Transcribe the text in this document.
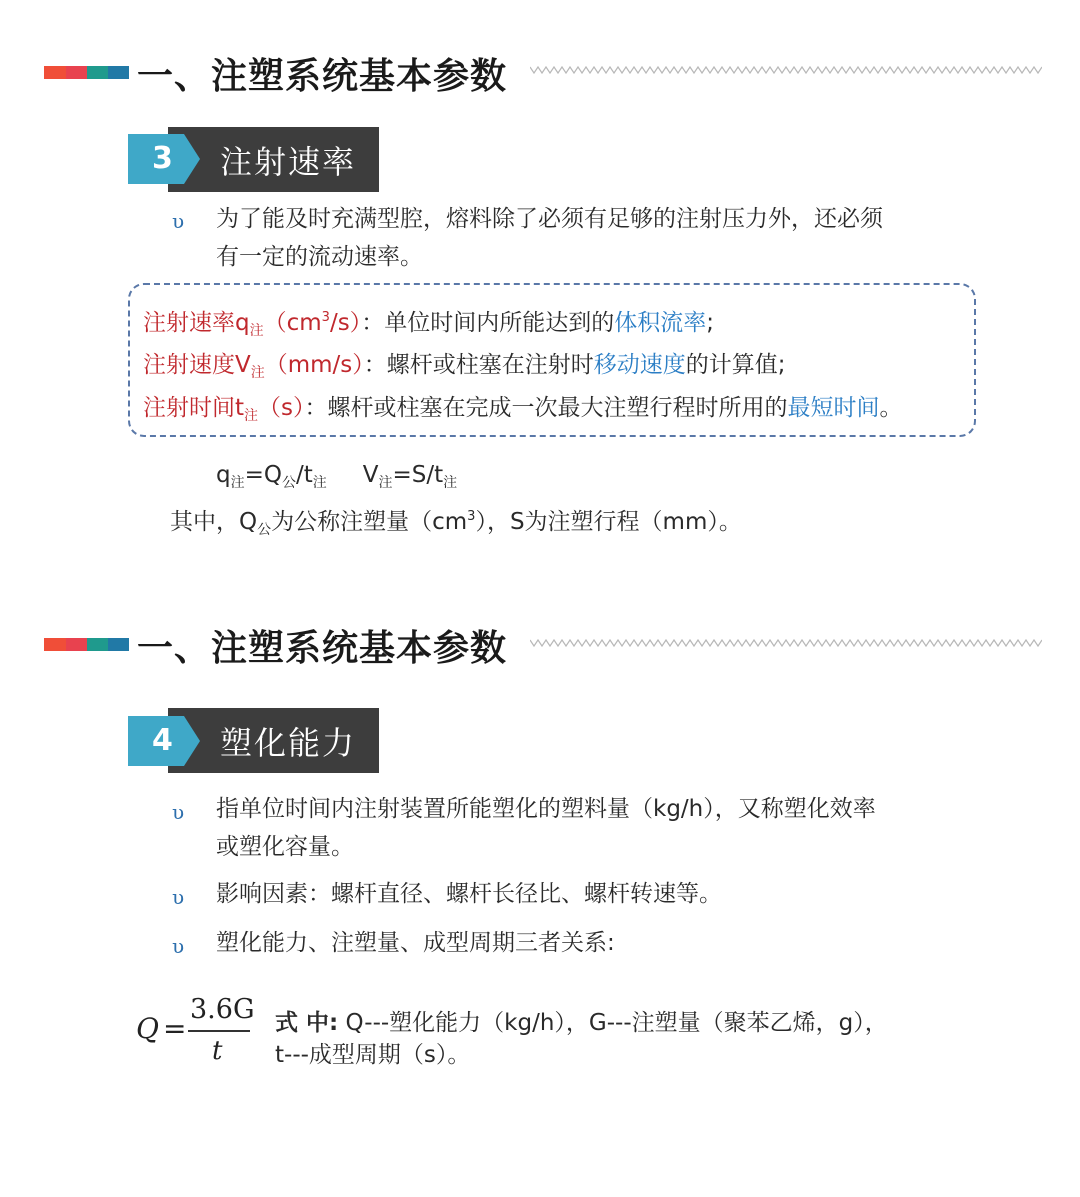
一、注塑系统基本参数
注射速率
3
υ 为了能及时充满型腔，熔料除了必须有足够的注射压力外，还必须
有一定的流动速率。
注射速率$q_注(cm^3/s)$：单位时间内所能达到的体积流率;
注射速度$V_注(mm/s)$：螺杆或柱塞在注射时移动速度的计算值;
注射时间$t_注(s)$：螺杆或柱塞在完成一次最大注塑行程时所用的最短时间。
$q_注=Q_公/t_注$ $V_注=S/t_注$
其中，$Q_公$为公称注塑量$(cm^3)$，S为注塑行程（mm）。
一、注塑系统基本参数
塑化能力
4
υ 指单位时间内注射装置所能塑化的塑料量（kg/h），又称塑化效率
或塑化容量。
υ 影响因素：螺杆直径、螺杆长径比、螺杆转速等。
υ 塑化能力、注塑量、成型周期三者关系:
Q =
3.6G
t
式 中: Q---塑化能力（kg/h），G---注塑量（聚苯乙烯，g），
t---成型周期（s）。
